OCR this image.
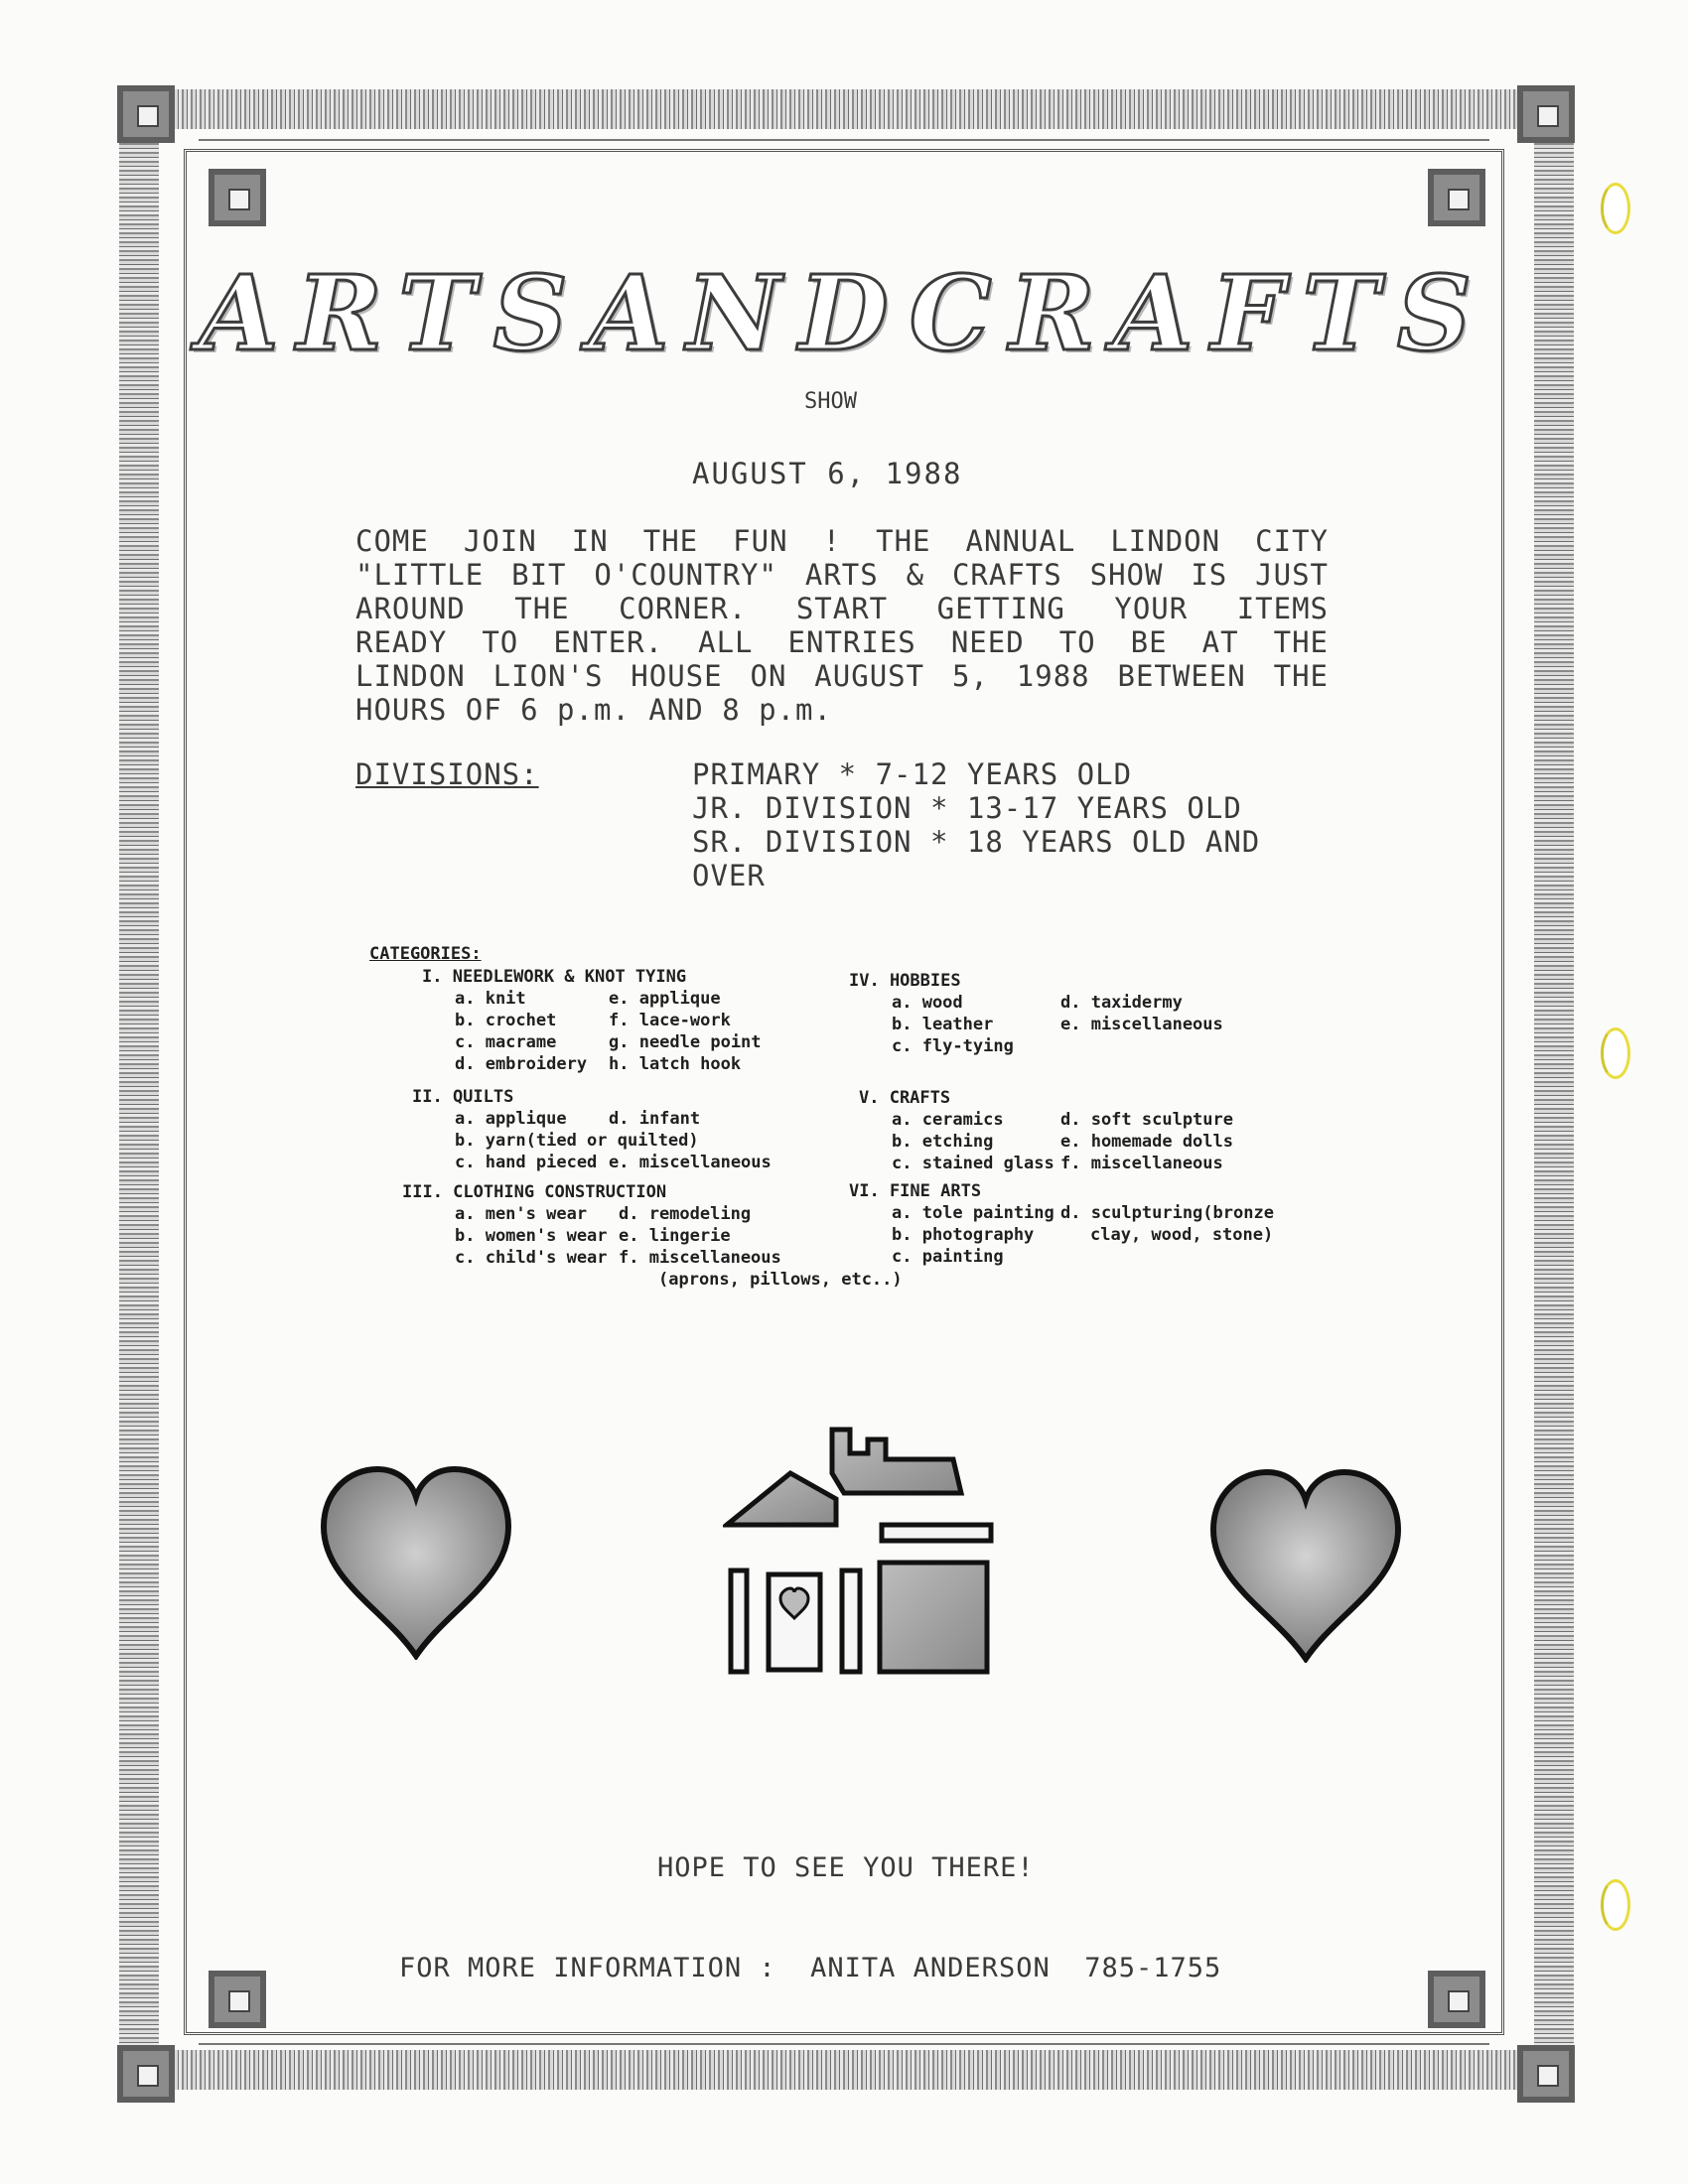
ARTS AND CRAFTS
SHOW
AUGUST 6, 1988

COME JOIN IN THE FUN ! THE ANNUAL LINDON CITY

"LITTLE BIT O'COUNTRY" ARTS & CRAFTS SHOW IS JUST

AROUND THE CORNER. START GETTING YOUR ITEMS

READY TO ENTER. ALL ENTRIES NEED TO BE AT THE

LINDON LION'S HOUSE ON AUGUST 5, 1988 BETWEEN THE

HOURS OF 6 p.m. AND 8 p.m.

DIVISIONS:	PRIMARY * 7-12 YEARS OLD
JR. DIVISION * 13-17 YEARS OLD
SR. DIVISION * 18 YEARS OLD AND
OVER
CATEGORIES:
I. NEEDLEWORK & KNOT TYING
a. knit	e. applique
b. crochet	f. lace-work
c. macrame	g. needle point
d. embroidery	h. latch hook
II. QUILTS
a. applique	d. infant
b. yarn(tied or quilted)
c. hand pieced e. miscellaneous
III. CLOTHING CONSTRUCTION
a. men's wear	d. remodeling
b. women's wear e. lingerie
c. child's wear f. miscellaneous
(aprons, pillows, etc..)
IV. HOBBIES
a. wood	d. taxidermy
b. leather	e. miscellaneous
c. fly-tying
V. CRAFTS
a. ceramics	d. soft sculpture
b. etching	e. homemade dolls
c. stained glass f. miscellaneous
VI. FINE ARTS
a. tole painting d. sculpturing(bronze
b. photography	clay, wood, stone)
c. painting
HOPE TO SEE YOU THERE!
FOR MORE INFORMATION :  ANITA ANDERSON  785-1755
